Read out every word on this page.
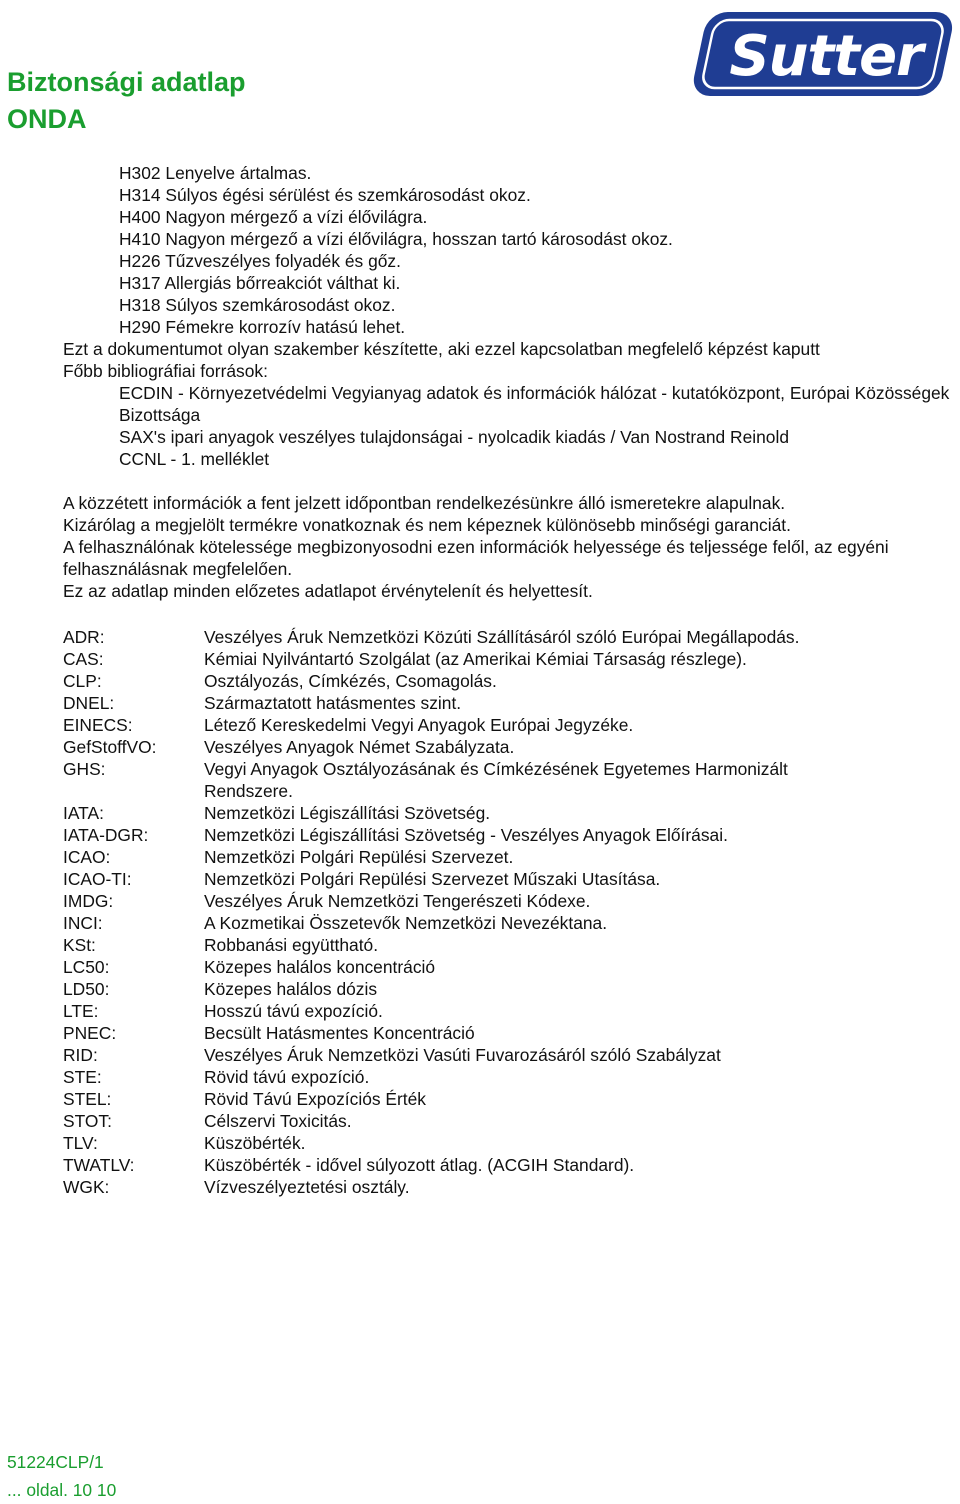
Biztonsági adatlap
ONDA
Sutter
H302 Lenyelve ártalmas.
H314 Súlyos égési sérülést és szemkárosodást okoz.
H400 Nagyon mérgező a vízi élővilágra.
H410 Nagyon mérgező a vízi élővilágra, hosszan tartó károsodást okoz.
H226 Tűzveszélyes folyadék és gőz.
H317 Allergiás bőrreakciót válthat ki.
H318 Súlyos szemkárosodást okoz.
H290 Fémekre korrozív hatású lehet.
Ezt a dokumentumot olyan szakember készítette, aki ezzel kapcsolatban megfelelő képzést kaputt
Főbb bibliográfiai források:
ECDIN - Környezetvédelmi Vegyianyag adatok és információk hálózat - kutatóközpont, Európai Közösségek Bizottsága
SAX's ipari anyagok veszélyes tulajdonságai - nyolcadik kiadás / Van Nostrand Reinold
CCNL - 1. melléklet
A közzétett információk a fent jelzett időpontban rendelkezésünkre álló ismeretekre alapulnak.
Kizárólag a megjelölt termékre vonatkoznak és nem képeznek különösebb minőségi garanciát.
A felhasználónak kötelessége megbizonyosodni ezen információk helyessége és teljessége felől, az egyéni felhasználásnak megfelelően.
Ez az adatlap minden előzetes adatlapot érvénytelenít és helyettesít.
ADR:	Veszélyes Áruk Nemzetközi Közúti Szállításáról szóló Európai Megállapodás.
CAS:	Kémiai Nyilvántartó Szolgálat (az Amerikai Kémiai Társaság részlege).
CLP:	Osztályozás, Címkézés, Csomagolás.
DNEL:	Származtatott hatásmentes szint.
EINECS:	Létező Kereskedelmi Vegyi Anyagok Európai Jegyzéke.
GefStoffVO:	Veszélyes Anyagok Német Szabályzata.
GHS:	Vegyi Anyagok Osztályozásának és Címkézésének Egyetemes Harmonizált Rendszere.
IATA:	Nemzetközi Légiszállítási Szövetség.
IATA-DGR:	Nemzetközi Légiszállítási Szövetség - Veszélyes Anyagok Előírásai.
ICAO:	Nemzetközi Polgári Repülési Szervezet.
ICAO-TI:	Nemzetközi Polgári Repülési Szervezet Műszaki Utasítása.
IMDG:	Veszélyes Áruk Nemzetközi Tengerészeti Kódexe.
INCI:	A Kozmetikai Összetevők Nemzetközi Nevezéktana.
KSt:	Robbanási együttható.
LC50:	Közepes halálos koncentráció
LD50:	Közepes halálos dózis
LTE:	Hosszú távú expozíció.
PNEC:	Becsült Hatásmentes Koncentráció
RID:	Veszélyes Áruk Nemzetközi Vasúti Fuvarozásáról szóló Szabályzat
STE:	Rövid távú expozíció.
STEL:	Rövid Távú Expozíciós Érték
STOT:	Célszervi Toxicitás.
TLV:	Küszöbérték.
TWATLV:	Küszöbérték - idővel súlyozott átlag. (ACGIH Standard).
WGK:	Vízveszélyeztetési osztály.
51224CLP/1
... oldal. 10 10
